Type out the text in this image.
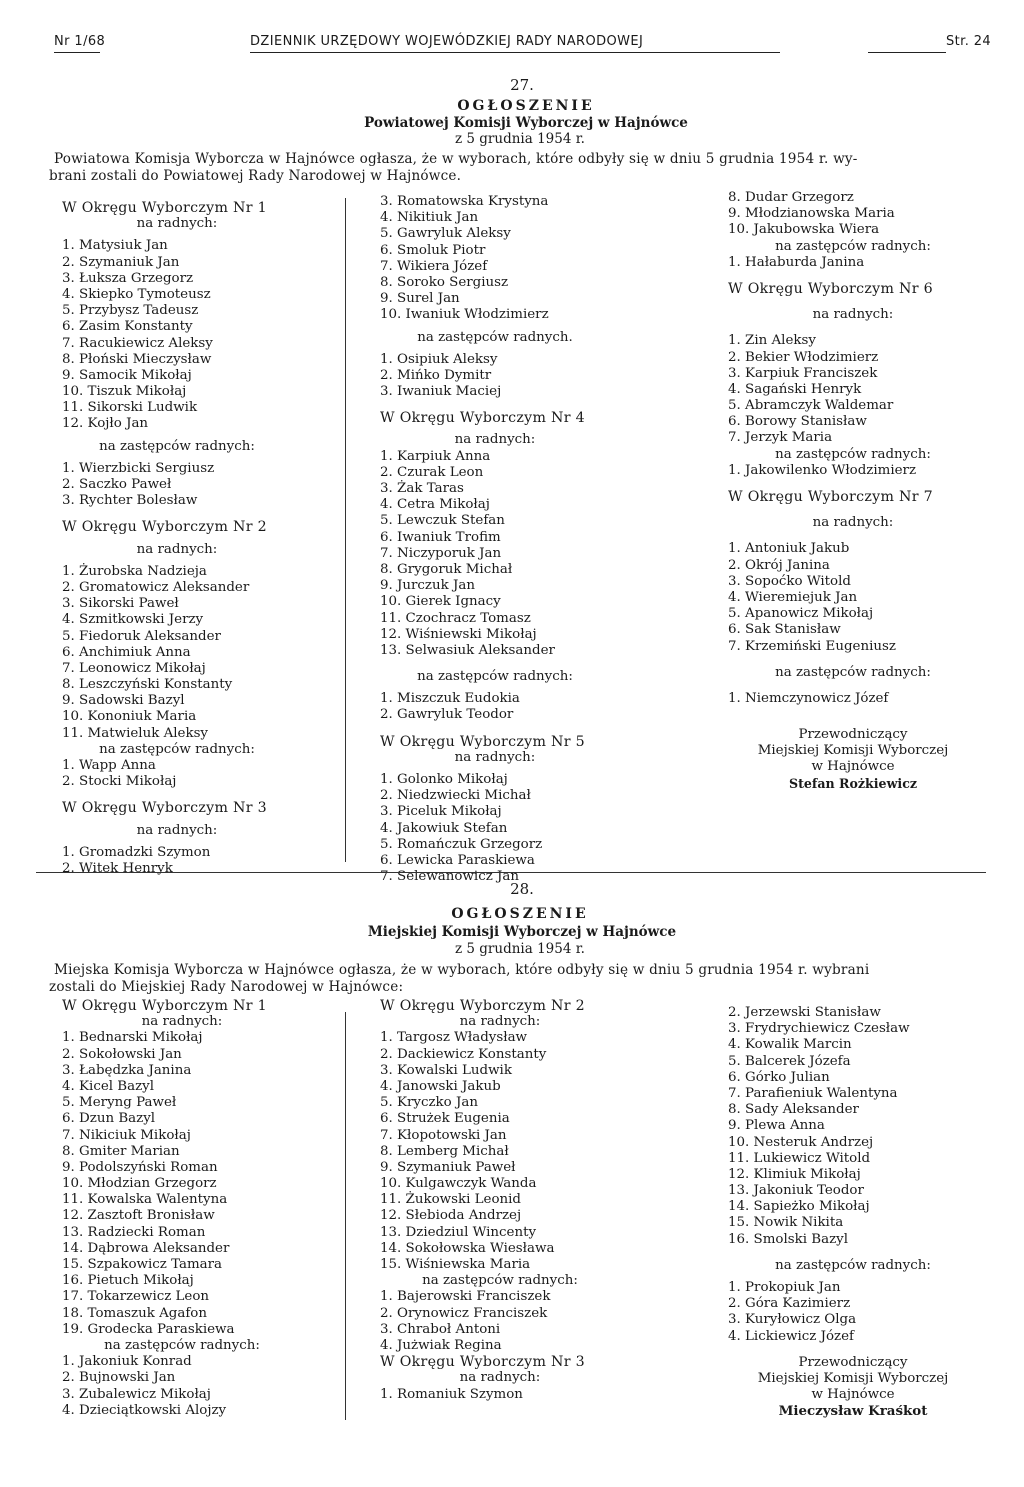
Nr 1/68	DZIENNIK URZĘDOWY WOJEWÓDZKIEJ RADY NARODOWEJ	Str. 24
27.
OGŁOSZENIE
Powiatowej Komisji Wyborczej w Hajnówce
z 5 grudnia 1954 r.
Powiatowa Komisja Wyborcza w Hajnówce ogłasza, że w wyborach, które odbyły się w dniu 5 grudnia 1954 r. wy-
brani zostali do Powiatowej Rady Narodowej w Hajnówce.
W Okręgu Wyborczym Nr 1
na radnych:
1. Matysiuk Jan
2. Szymaniuk Jan
3. Łuksza Grzegorz
4. Skiepko Tymoteusz
5. Przybysz Tadeusz
6. Zasim Konstanty
7. Racukiewicz Aleksy
8. Płoński Mieczysław
9. Samocik Mikołaj
10. Tiszuk Mikołaj
11. Sikorski Ludwik
12. Kojło Jan
na zastępców radnych:
1. Wierzbicki Sergiusz
2. Saczko Paweł
3. Rychter Bolesław
W Okręgu Wyborczym Nr 2
na radnych:
1. Żurobska Nadzieja
2. Gromatowicz Aleksander
3. Sikorski Paweł
4. Szmitkowski Jerzy
5. Fiedoruk Aleksander
6. Anchimiuk Anna
7. Leonowicz Mikołaj
8. Leszczyński Konstanty
9. Sadowski Bazyl
10. Kononiuk Maria
11. Matwieluk Aleksy
na zastępców radnych:
1. Wapp Anna
2. Stocki Mikołaj
W Okręgu Wyborczym Nr 3
na radnych:
1. Gromadzki Szymon
2. Witek Henryk
3. Romatowska Krystyna
4. Nikitiuk Jan
5. Gawryluk Aleksy
6. Smoluk Piotr
7. Wikiera Józef
8. Soroko Sergiusz
9. Surel Jan
10. Iwaniuk Włodzimierz
na zastępców radnych.
1. Osipiuk Aleksy
2. Mińko Dymitr
3. Iwaniuk Maciej
W Okręgu Wyborczym Nr 4
na radnych:
1. Karpiuk Anna
2. Czurak Leon
3. Żak Taras
4. Cetra Mikołaj
5. Lewczuk Stefan
6. Iwaniuk Trofim
7. Niczyporuk Jan
8. Grygoruk Michał
9. Jurczuk Jan
10. Gierek Ignacy
11. Czochracz Tomasz
12. Wiśniewski Mikołaj
13. Selwasiuk Aleksander
na zastępców radnych:
1. Miszczuk Eudokia
2. Gawryluk Teodor
W Okręgu Wyborczym Nr 5
na radnych:
1. Golonko Mikołaj
2. Niedzwiecki Michał
3. Piceluk Mikołaj
4. Jakowiuk Stefan
5. Romańczuk Grzegorz
6. Lewicka Paraskiewa
7. Selewanowicz Jan
8. Dudar Grzegorz
9. Młodzianowska Maria
10. Jakubowska Wiera
na zastępców radnych:
1. Hałaburda Janina
W Okręgu Wyborczym Nr 6
na radnych:
1. Zin Aleksy
2. Bekier Włodzimierz
3. Karpiuk Franciszek
4. Sagański Henryk
5. Abramczyk Waldemar
6. Borowy Stanisław
7. Jerzyk Maria
na zastępców radnych:
1. Jakowilenko Włodzimierz
W Okręgu Wyborczym Nr 7
na radnych:
1. Antoniuk Jakub
2. Okrój Janina
3. Sopoćko Witold
4. Wieremiejuk Jan
5. Apanowicz Mikołaj
6. Sak Stanisław
7. Krzemiński Eugeniusz
na zastępców radnych:
1. Niemczynowicz Józef
Przewodniczący
Miejskiej Komisji Wyborczej
w Hajnówce
Stefan Rożkiewicz
28.
OGŁOSZENIE
Miejskiej Komisji Wyborczej w Hajnówce
z 5 grudnia 1954 r.
Miejska Komisja Wyborcza w Hajnówce ogłasza, że w wyborach, które odbyły się w dniu 5 grudnia 1954 r. wybrani
zostali do Miejskiej Rady Narodowej w Hajnówce:
W Okręgu Wyborczym Nr 1
na radnych:
1. Bednarski Mikołaj
2. Sokołowski Jan
3. Łabędzka Janina
4. Kicel Bazyl
5. Meryng Paweł
6. Dzun Bazyl
7. Nikiciuk Mikołaj
8. Gmiter Marian
9. Podolszyński Roman
10. Młodzian Grzegorz
11. Kowalska Walentyna
12. Zasztoft Bronisław
13. Radziecki Roman
14. Dąbrowa Aleksander
15. Szpakowicz Tamara
16. Pietuch Mikołaj
17. Tokarzewicz Leon
18. Tomaszuk Agafon
19. Grodecka Paraskiewa
na zastępców radnych:
1. Jakoniuk Konrad
2. Bujnowski Jan
3. Zubalewicz Mikołaj
4. Dzieciątkowski Alojzy
W Okręgu Wyborczym Nr 2
na radnych:
1. Targosz Władysław
2. Dackiewicz Konstanty
3. Kowalski Ludwik
4. Janowski Jakub
5. Kryczko Jan
6. Strużek Eugenia
7. Kłopotowski Jan
8. Lemberg Michał
9. Szymaniuk Paweł
10. Kulgawczyk Wanda
11. Żukowski Leonid
12. Słebioda Andrzej
13. Dziedziul Wincenty
14. Sokołowska Wiesława
15. Wiśniewska Maria
na zastępców radnych:
1. Bajerowski Franciszek
2. Orynowicz Franciszek
3. Chraboł Antoni
4. Jużwiak Regina
W Okręgu Wyborczym Nr 3
na radnych:
1. Romaniuk Szymon
2. Jerzewski Stanisław
3. Frydrychiewicz Czesław
4. Kowalik Marcin
5. Balcerek Józefa
6. Górko Julian
7. Parafieniuk Walentyna
8. Sady Aleksander
9. Plewa Anna
10. Nesteruk Andrzej
11. Lukiewicz Witold
12. Klimiuk Mikołaj
13. Jakoniuk Teodor
14. Sapieżko Mikołaj
15. Nowik Nikita
16. Smolski Bazyl
na zastępców radnych:
1. Prokopiuk Jan
2. Góra Kazimierz
3. Kuryłowicz Olga
4. Lickiewicz Józef
Przewodniczący
Miejskiej Komisji Wyborczej
w Hajnówce
Mieczysław Kraśkot
